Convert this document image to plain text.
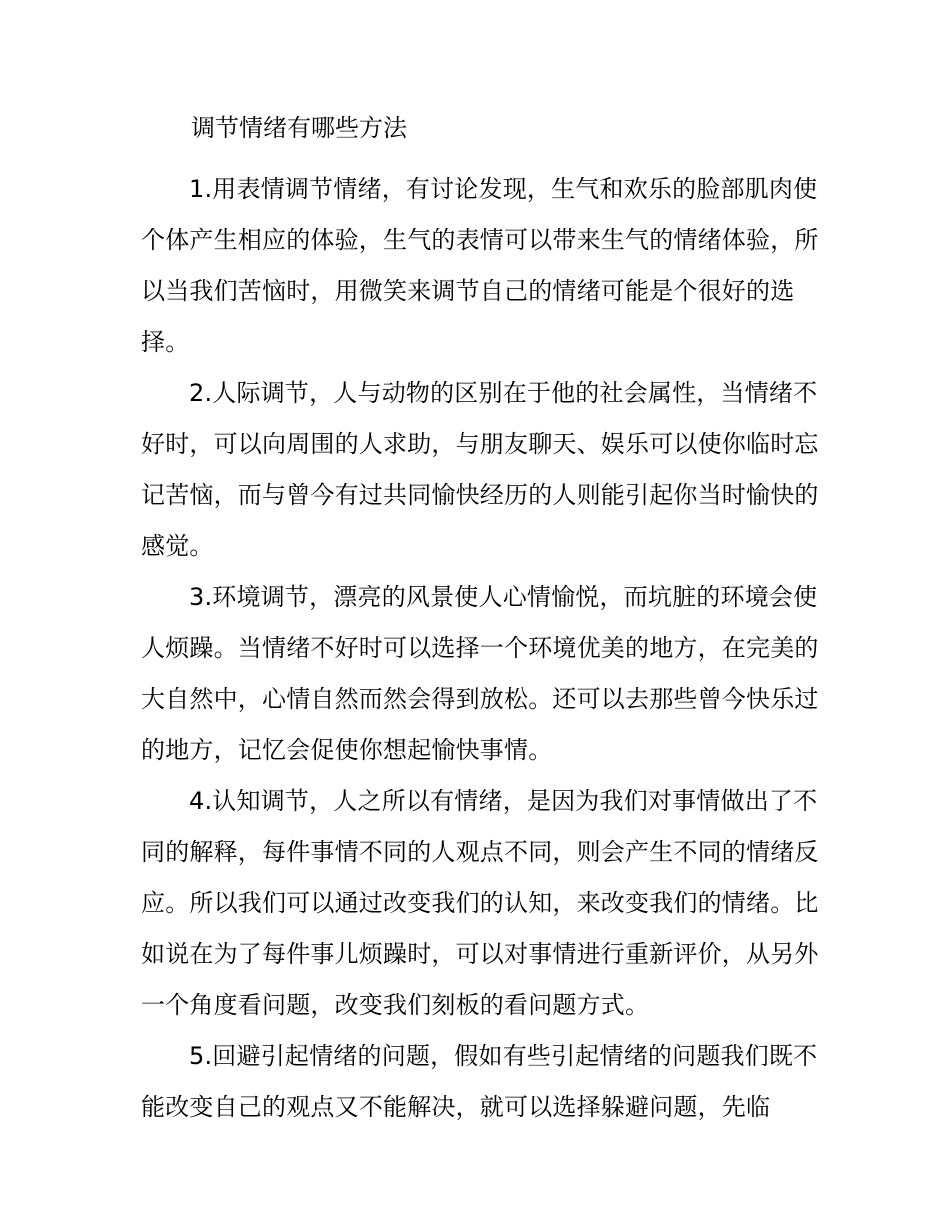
调节情绪有哪些方法

1.用表情调节情绪，有讨论发现，生气和欢乐的脸部肌肉使个体产生相应的体验，生气的表情可以带来生气的情绪体验，所以当我们苦恼时，用微笑来调节自己的情绪可能是个很好的选择。

2.人际调节，人与动物的区别在于他的社会属性，当情绪不好时，可以向周围的人求助，与朋友聊天、娱乐可以使你临时忘记苦恼，而与曾今有过共同愉快经历的人则能引起你当时愉快的感觉。

3.环境调节，漂亮的风景使人心情愉悦，而坑脏的环境会使人烦躁。当情绪不好时可以选择一个环境优美的地方，在完美的大自然中，心情自然而然会得到放松。还可以去那些曾今快乐过的地方，记忆会促使你想起愉快事情。

4.认知调节，人之所以有情绪，是因为我们对事情做出了不同的解释，每件事情不同的人观点不同，则会产生不同的情绪反应。所以我们可以通过改变我们的认知，来改变我们的情绪。比如说在为了每件事儿烦躁时，可以对事情进行重新评价，从另外一个角度看问题，改变我们刻板的看问题方式。

5.回避引起情绪的问题，假如有些引起情绪的问题我们既不能改变自己的观点又不能解决，就可以选择躲避问题，先临
